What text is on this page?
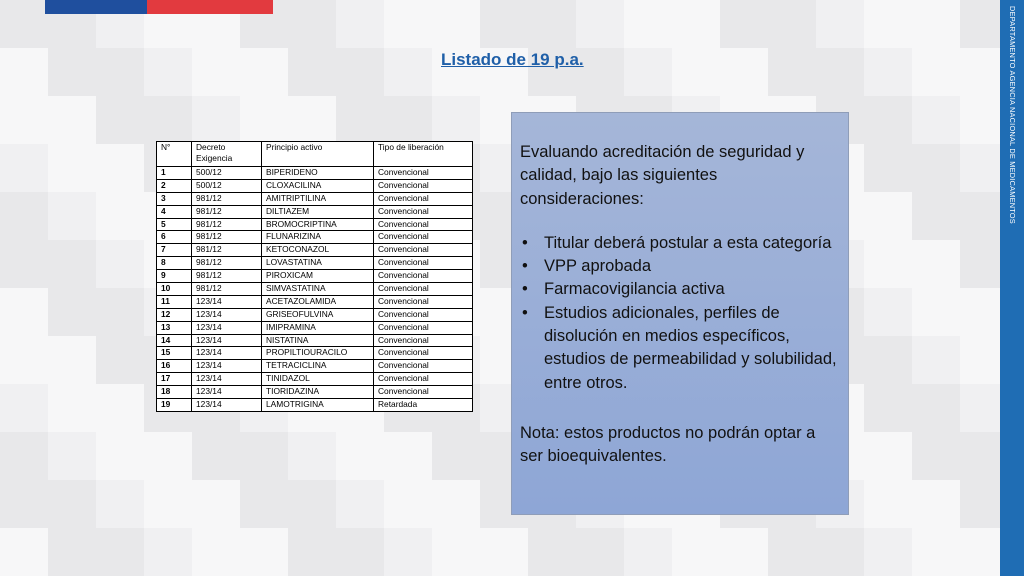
DEPARTAMENTO AGENCIA NACIONAL DE MEDICAMENTOS
Listado de 19 p.a.
N°	Decreto Exigencia	Principio activo	Tipo de liberación
1	500/12	BIPERIDENO	Convencional
2	500/12	CLOXACILINA	Convencional
3	981/12	AMITRIPTILINA	Convencional
4	981/12	DILTIAZEM	Convencional
5	981/12	BROMOCRIPTINA	Convencional
6	981/12	FLUNARIZINA	Convencional
7	981/12	KETOCONAZOL	Convencional
8	981/12	LOVASTATINA	Convencional
9	981/12	PIROXICAM	Convencional
10	981/12	SIMVASTATINA	Convencional
11	123/14	ACETAZOLAMIDA	Convencional
12	123/14	GRISEOFULVINA	Convencional
13	123/14	IMIPRAMINA	Convencional
14	123/14	NISTATINA	Convencional
15	123/14	PROPILTIOURACILO	Convencional
16	123/14	TETRACICLINA	Convencional
17	123/14	TINIDAZOL	Convencional
18	123/14	TIORIDAZINA	Convencional
19	123/14	LAMOTRIGINA	Retardada

Evaluando acreditación de seguridad y calidad, bajo las siguientes consideraciones:

• Titular deberá postular a esta categoría
• VPP aprobada
• Farmacovigilancia activa
• Estudios adicionales, perfiles de disolución en medios específicos, estudios de permeabilidad y solubilidad, entre otros.

Nota: estos productos no podrán optar a ser bioequivalentes.
